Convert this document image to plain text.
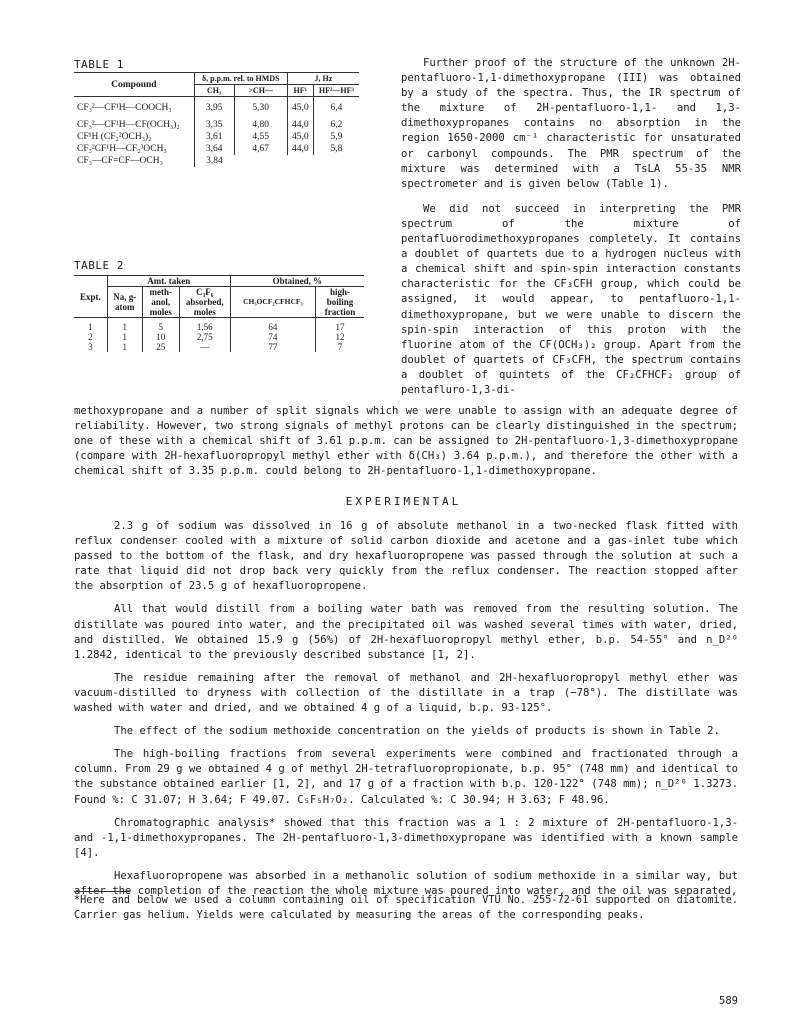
TABLE 1
Compound	δ, p.p.m. rel. to HMDS		J, Hz	
	CH₃	>CH—	HF¹	HF²—HF³

CF₃²—CF¹H—COOCH₃	3,95	5,30	45,0	6,4

CF₃²—CF¹H—CF(OCH₃)₂	3,35	4,80	44,0	6,2
CF¹H (CF₂²OCH₃)₂	3,61	4,55	45,0	5,9
CF₃²CF¹H—CF₂³OCH₃	3,64	4,67	44,0	5,8
CF₃—CF=CF—OCH₃	3,84			
TABLE 2
Expt.	Amt. taken			Obtained, %	
	Na, g-atom	meth-anol, moles	C₃F₆ absorbed, moles	CH₃OCF₂CFHCF₃	high-boiling fraction
1	1	5	1,56	64	17
2	1	10	2,75	74	12
3	1	25	—	77	7

Further proof of the structure of the unknown 2H-pentafluoro-1,1-dimethoxypropane (III) was obtained by a study of the spectra. Thus, the IR spectrum of the mixture of 2H-pentafluoro-1,1- and 1,3-dimethoxypropanes contains no absorption in the region 1650-2000 cm⁻¹ characteristic for unsaturated or carbonyl compounds. The PMR spectrum of the mixture was determined with a TsLA 55-35 NMR spectrometer and is given below (Table 1).

We did not succeed in interpreting the PMR spectrum of the mixture of pentafluorodimethoxypropanes completely. It contains a doublet of quartets due to a hydrogen nucleus with a chemical shift and spin-spin interaction constants characteristic for the CF₃CFH group, which could be assigned, it would appear, to pentafluoro-1,1-dimethoxypropane, but we were unable to discern the spin-spin interaction of this proton with the fluorine atom of the CF(OCH₃)₂ group. Apart from the doublet of quartets of CF₃CFH, the spectrum contains a doublet of quintets of the CF₂CFHCF₂ group of pentafluro-1,3-di-

methoxypropane and a number of split signals which we were unable to assign with an adequate degree of reliability. However, two strong signals of methyl protons can be clearly distinguished in the spectrum; one of these with a chemical shift of 3.61 p.p.m. can be assigned to 2H-pentafluoro-1,3-dimethoxypropane (compare with 2H-hexafluoropropyl methyl ether with δ(CH₃) 3.64 p.p.m.), and therefore the other with a chemical shift of 3.35 p.p.m. could belong to 2H-pentafluoro-1,1-dimethoxypropane.

EXPERIMENTAL

2.3 g of sodium was dissolved in 16 g of absolute methanol in a two-necked flask fitted with reflux condenser cooled with a mixture of solid carbon dioxide and acetone and a gas-inlet tube which passed to the bottom of the flask, and dry hexafluoropropene was passed through the solution at such a rate that liquid did not drop back very quickly from the reflux condenser. The reaction stopped after the absorption of 23.5 g of hexafluoropropene.

All that would distill from a boiling water bath was removed from the resulting solution. The distillate was poured into water, and the precipitated oil was washed several times with water, dried, and distilled. We obtained 15.9 g (56%) of 2H-hexafluoropropyl methyl ether, b.p. 54-55° and n_D²⁰ 1.2842, identical to the previously described substance [1, 2].

The residue remaining after the removal of methanol and 2H-hexafluoropropyl methyl ether was vacuum-distilled to dryness with collection of the distillate in a trap (−78°). The distillate was washed with water and dried, and we obtained 4 g of a liquid, b.p. 93-125°.

The effect of the sodium methoxide concentration on the yields of products is shown in Table 2.

The high-boiling fractions from several experiments were combined and fractionated through a column. From 29 g we obtained 4 g of methyl 2H-tetrafluoropropionate, b.p. 95° (748 mm) and identical to the substance obtained earlier [1, 2], and 17 g of a fraction with b.p. 120-122° (748 mm); n_D²⁰ 1.3273. Found %: C 31.07; H 3.64; F 49.07. C₅F₅H₇O₂. Calculated %: C 30.94; H 3.63; F 48.96.

Chromatographic analysis* showed that this fraction was a 1 : 2 mixture of 2H-pentafluoro-1,3- and -1,1-dimethoxypropanes. The 2H-pentafluoro-1,3-dimethoxypropane was identified with a known sample [4].

Hexafluoropropene was absorbed in a methanolic solution of sodium methoxide in a similar way, but after the completion of the reaction the whole mixture was poured into water, and the oil was separated,

*Here and below we used a column containing oil of specification VTU No. 255-72-61 supported on diatomite. Carrier gas helium. Yields were calculated by measuring the areas of the corresponding peaks.
589
